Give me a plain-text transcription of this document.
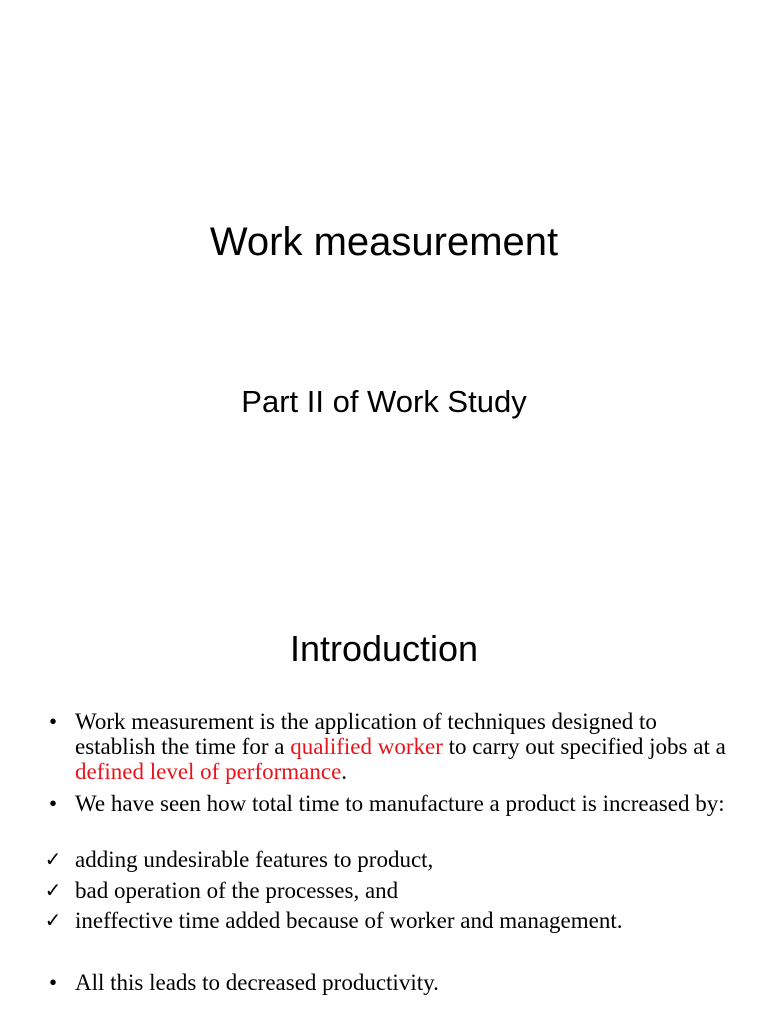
Work measurement
Part II of Work Study
Introduction
• Work measurement is the application of techniques designed to establish the time for a qualified worker to carry out specified jobs at a defined level of performance.
• We have seen how total time to manufacture a product is increased by:
✓ adding undesirable features to product,
✓ bad operation of the processes, and
✓ ineffective time added because of worker and management.
• All this leads to decreased productivity.
